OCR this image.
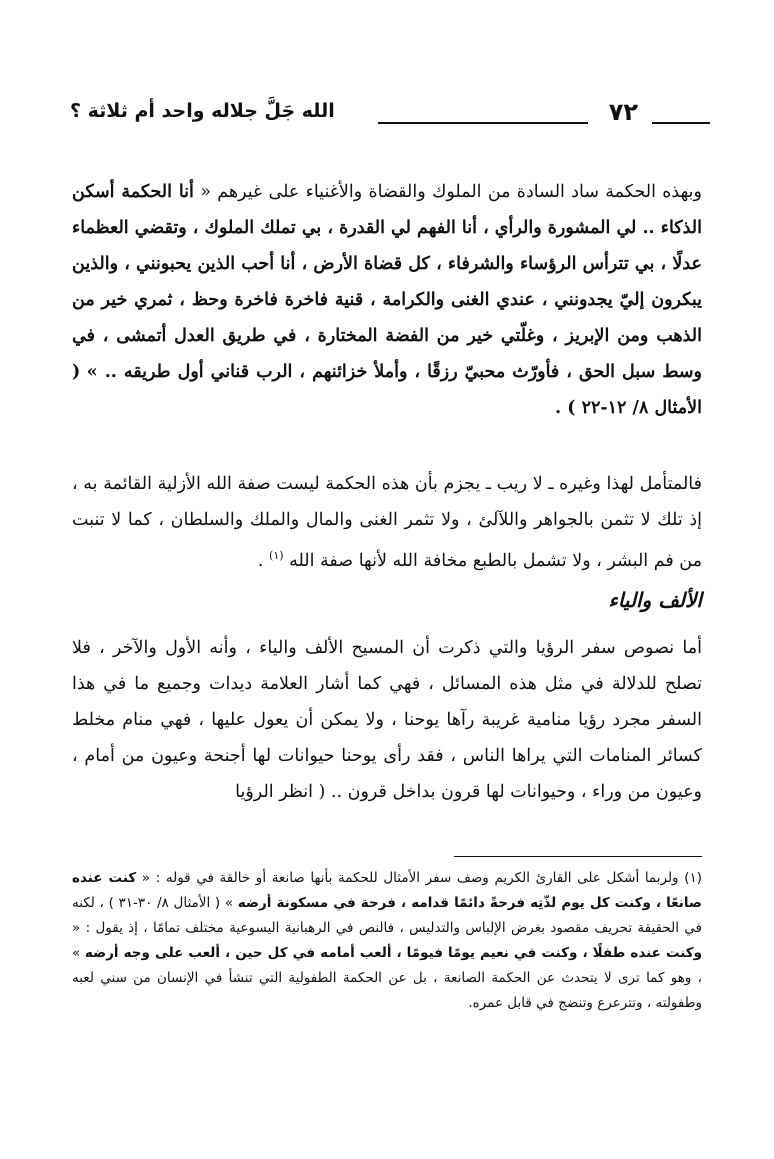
٧٢
الله جَلَّ جلاله واحد أم ثلاثة ؟

وبهذه الحكمة ساد السادة من الملوك والقضاة والأغنياء على غيرهم « أنا الحكمة أسكن الذكاء .. لي المشورة والرأي ، أنا الفهم لي القدرة ، بي تملك الملوك ، وتقضي العظماء عدلًا ، بي تترأس الرؤساء والشرفاء ، كل قضاة الأرض ، أنا أحب الذين يحبونني ، والذين يبكرون إليّ يجدونني ، عندي الغنى والكرامة ، قنية فاخرة فاخرة وحظ ، ثمري خير من الذهب ومن الإبريز ، وغلّتي خير من الفضة المختارة ، في طريق العدل أتمشى ، في وسط سبل الحق ، فأورّث محبيّ رزقًا ، وأملأ خزائنهم ، الرب قناني أول طريقه .. » ( الأمثال ٨/ ١٢-٢٢ ) .

فالمتأمل لهذا وغيره ـ لا ريب ـ يجزم بأن هذه الحكمة ليست صفة الله الأزلية القائمة به ، إذ تلك لا تثمن بالجواهر واللآلئ ، ولا تثمر الغنى والمال والملك والسلطان ، كما لا تنبت من فم البشر ، ولا تشمل بالطبع مخافة الله لأنها صفة الله $^{(١)}$ .

الألف والياء

أما نصوص سفر الرؤيا والتي ذكرت أن المسيح الألف والياء ، وأنه الأول والآخر ، فلا تصلح للدلالة في مثل هذه المسائل ، فهي كما أشار العلامة ديدات وجميع ما في هذا السفر مجرد رؤيا منامية غريبة رآها يوحنا ، ولا يمكن أن يعول عليها ، فهي منام مخلط كسائر المنامات التي يراها الناس ، فقد رأى يوحنا حيوانات لها أجنحة وعيون من أمام ، وعيون من وراء ، وحيوانات لها قرون بداخل قرون .. ( انظر الرؤيا

(١) ولربما أشكل على القارئ الكريم وصف سفر الأمثال للحكمة بأنها صانعة أو خالقة في قوله : « كنت عنده صانعًا ، وكنت كل يوم لذّتِه فرحةً دائمًا قدامه ، فرحة في مسكونة أرضه » ( الأمثال ٨/ ٣٠-٣١ ) ، لكنه في الحقيقة تحريف مقصود بغرض الإلباس والتدليس ، فالنص في الرهبانية اليسوعية مختلف تمامًا ، إذ يقول : « وكنت عنده طفلًا ، وكنت في نعيم يومًا فيومًا ، ألعب أمامه في كل حين ، ألعب على وجه أرضه » ، وهو كما ترى لا يتحدث عن الحكمة الصانعة ، بل عن الحكمة الطفولية التي تنشأ في الإنسان من سني لعبه وطفولته ، وتترعرع وتنضج في قابل عمره.
